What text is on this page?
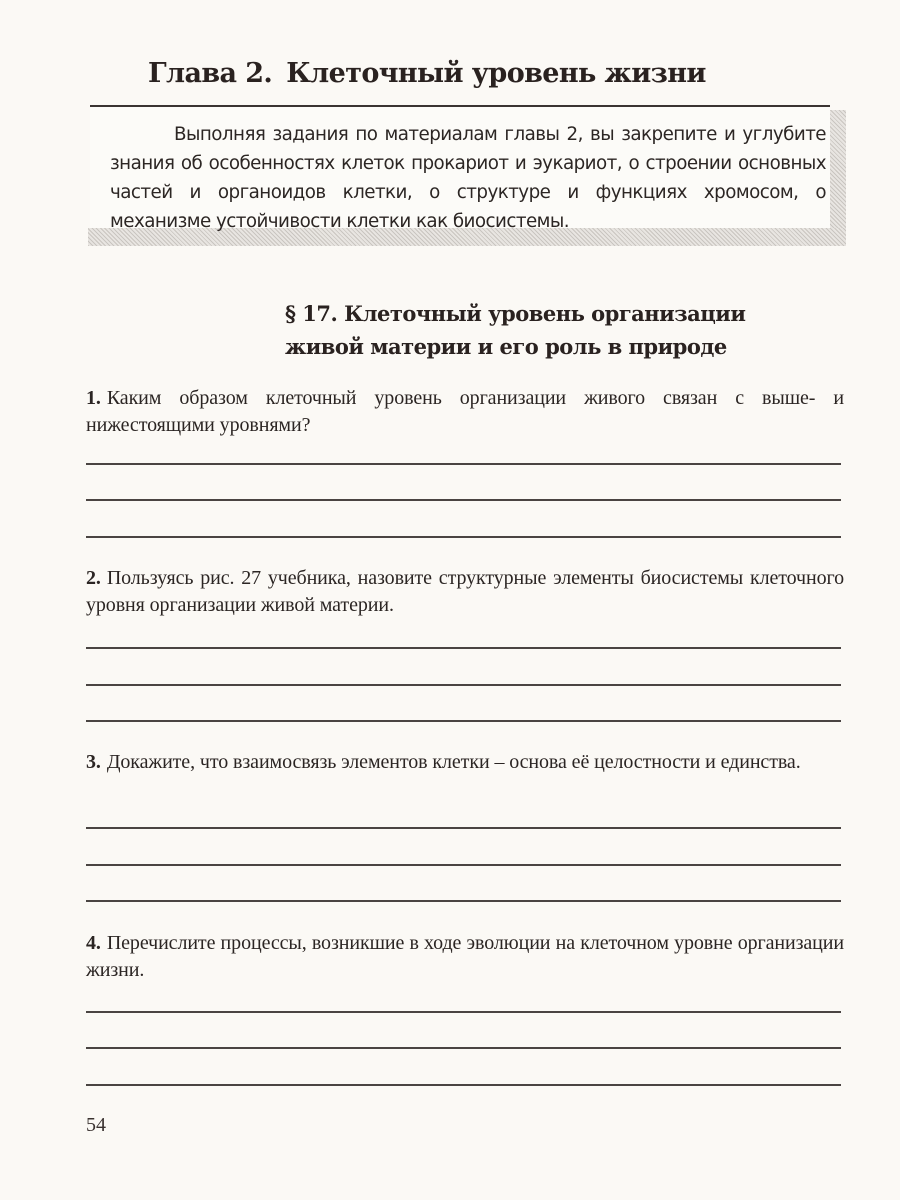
Глава 2. Клеточный уровень жизни

Выполняя задания по материалам главы 2, вы закрепите и углубите знания об особенностях клеток прокариот и эукариот, о строении основных частей и органоидов клетки, о структуре и функциях хромосом, о механизме устойчивости клетки как биосистемы.

§ 17. Клеточный уровень организации
живой материи и его роль в природе

1. Каким образом клеточный уровень организации живого связан с выше- и нижестоящими уровнями?

2. Пользуясь рис. 27 учебника, назовите структурные элементы биосистемы клеточного уровня организации живой материи.

3. Докажите, что взаимосвязь элементов клетки – основа её целостности и единства.

4. Перечислите процессы, возникшие в ходе эволюции на клеточном уровне организации жизни.

54
